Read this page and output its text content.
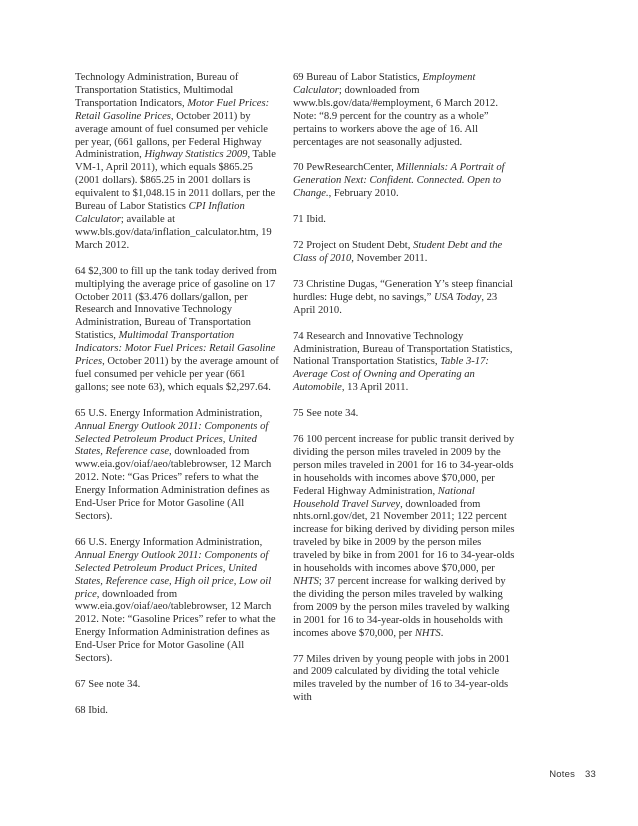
Technology Administration, Bureau of Transportation Statistics, Multimodal Transportation Indicators, Motor Fuel Prices: Retail Gasoline Prices, October 2011) by average amount of fuel consumed per vehicle per year, (661 gallons, per Federal Highway Administration, Highway Statistics 2009, Table VM-1, April 2011), which equals $865.25 (2001 dollars). $865.25 in 2001 dollars is equivalent to $1,048.15 in 2011 dollars, per the Bureau of Labor Statistics CPI Inflation Calculator; available at www.bls.gov/data/inflation_calculator.htm, 19 March 2012.

64 $2,300 to fill up the tank today derived from multiplying the average price of gasoline on 17 October 2011 ($3.476 dollars/gallon, per Research and Innovative Technology Administration, Bureau of Transportation Statistics, Multimodal Transportation Indicators: Motor Fuel Prices: Retail Gasoline Prices, October 2011) by the average amount of fuel consumed per vehicle per year (661 gallons; see note 63), which equals $2,297.64.

65 U.S. Energy Information Administration, Annual Energy Outlook 2011: Components of Selected Petroleum Product Prices, United States, Reference case, downloaded from www.eia.gov/oiaf/aeo/tablebrowser, 12 March 2012. Note: “Gas Prices” refers to what the Energy Information Administration defines as End-User Price for Motor Gasoline (All Sectors).

66 U.S. Energy Information Administration, Annual Energy Outlook 2011: Components of Selected Petroleum Product Prices, United States, Reference case, High oil price, Low oil price, downloaded from www.eia.gov/oiaf/aeo/tablebrowser, 12 March 2012. Note: “Gasoline Prices” refer to what the Energy Information Administration defines as End-User Price for Motor Gasoline (All Sectors).

67 See note 34.

68 Ibid.

69 Bureau of Labor Statistics, Employment Calculator; downloaded from www.bls.gov/data/#employment, 6 March 2012. Note: “8.9 percent for the country as a whole” pertains to workers above the age of 16. All percentages are not seasonally adjusted.

70 PewResearchCenter, Millennials: A Portrait of Generation Next: Confident. Connected. Open to Change., February 2010.

71 Ibid.

72 Project on Student Debt, Student Debt and the Class of 2010, November 2011.

73 Christine Dugas, “Generation Y’s steep financial hurdles: Huge debt, no savings,” USA Today, 23 April 2010.

74 Research and Innovative Technology Administration, Bureau of Transportation Statistics, National Transportation Statistics, Table 3-17: Average Cost of Owning and Operating an Automobile, 13 April 2011.

75 See note 34.

76 100 percent increase for public transit derived by dividing the person miles traveled in 2009 by the person miles traveled in 2001 for 16 to 34-year-olds in households with incomes above $70,000, per Federal Highway Administration, National Household Travel Survey, downloaded from nhts.ornl.gov/det, 21 November 2011; 122 percent increase for biking derived by dividing person miles traveled by bike in 2009 by the person miles traveled by bike in from 2001 for 16 to 34-year-olds in households with incomes above $70,000, per NHTS; 37 percent increase for walking derived by the dividing the person miles traveled by walking from 2009 by the person miles traveled by walking in 2001 for 16 to 34-year-olds in households with incomes above $70,000, per NHTS.

77 Miles driven by young people with jobs in 2001 and 2009 calculated by dividing the total vehicle miles traveled by the number of 16 to 34-year-olds with

Notes 33
